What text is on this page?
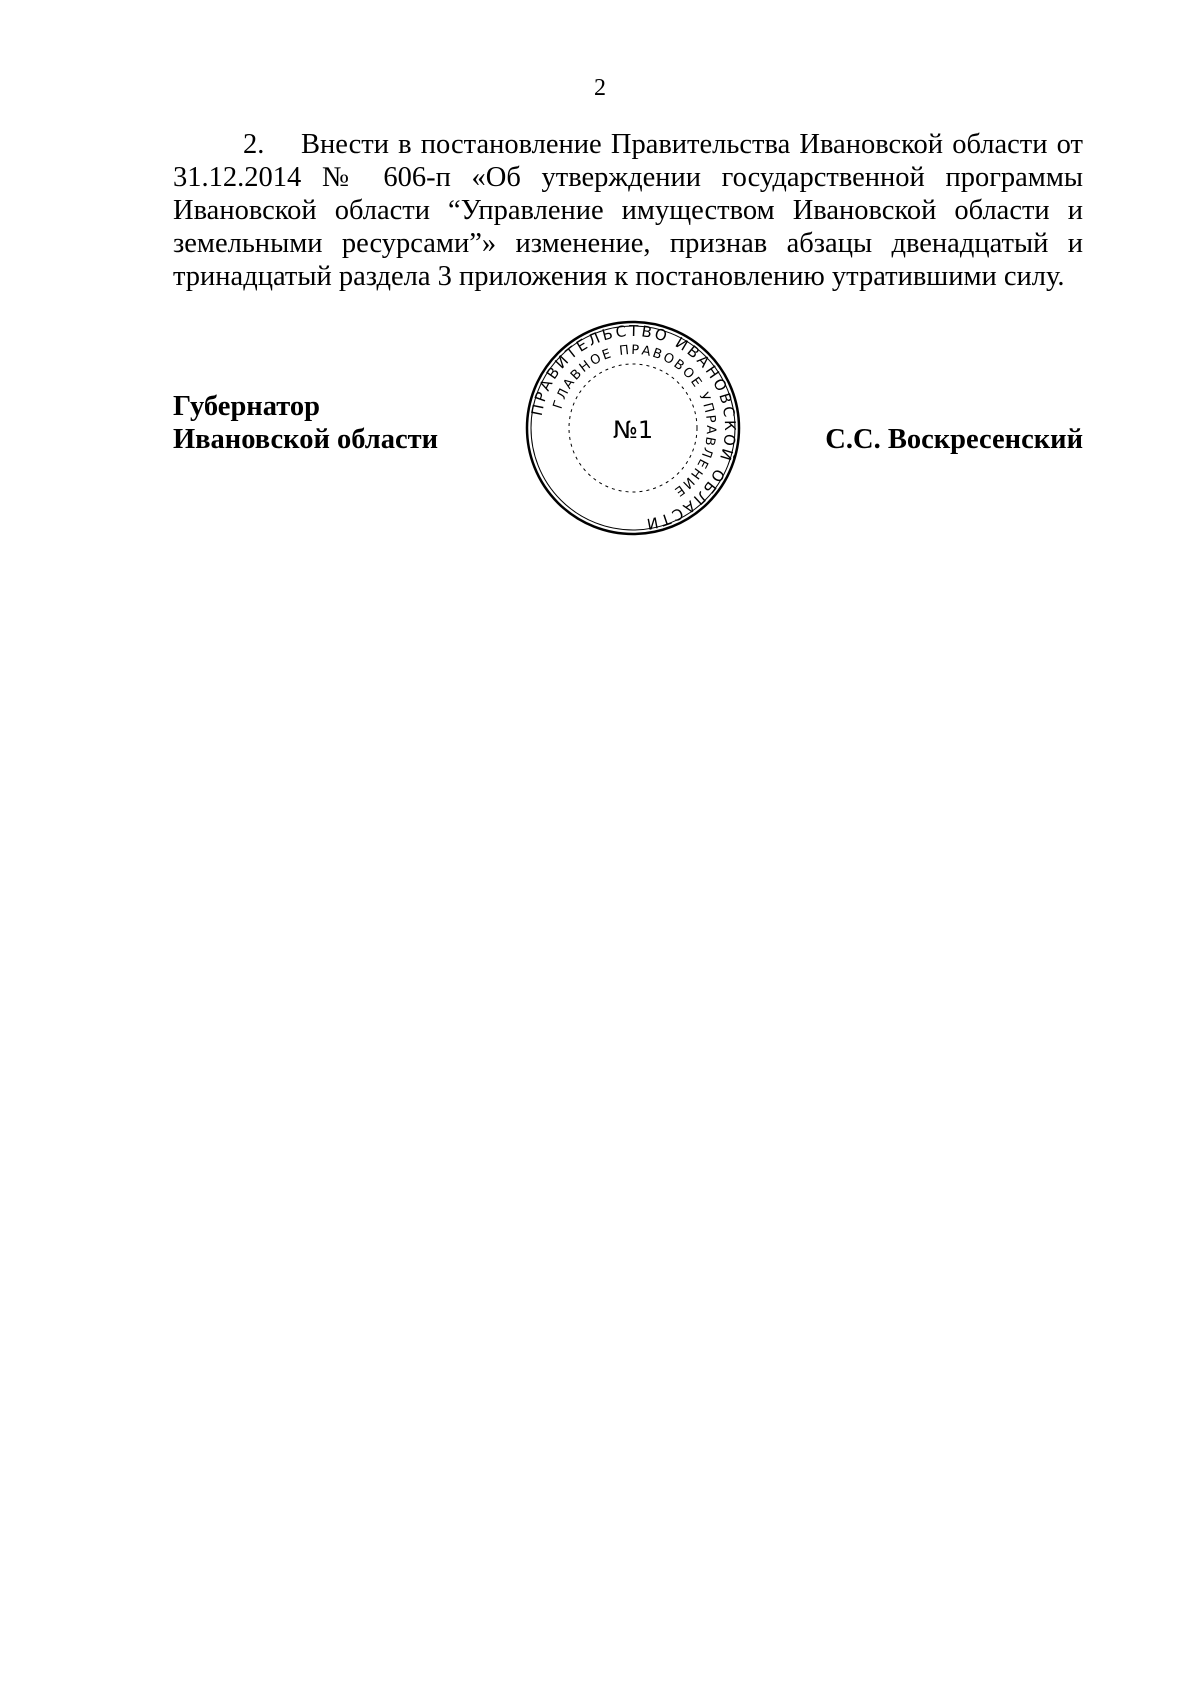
2

2. Внести в постановление Правительства Ивановской области от 31.12.2014 № 606-п «Об утверждении государственной программы Ивановской области “Управление имуществом Ивановской области и земельными ресурсами”» изменение, признав абзацы двенадцатый и тринадцатый раздела 3 приложения к постановлению утратившими силу.

Губернатор
Ивановской области
ПРАВИТЕЛЬСТВО ИВАНОВСКОЙ ОБЛАСТИ
ГЛАВНОЕ ПРАВОВОЕ УПРАВЛЕНИЕ
№1	С.С. Воскресенский
